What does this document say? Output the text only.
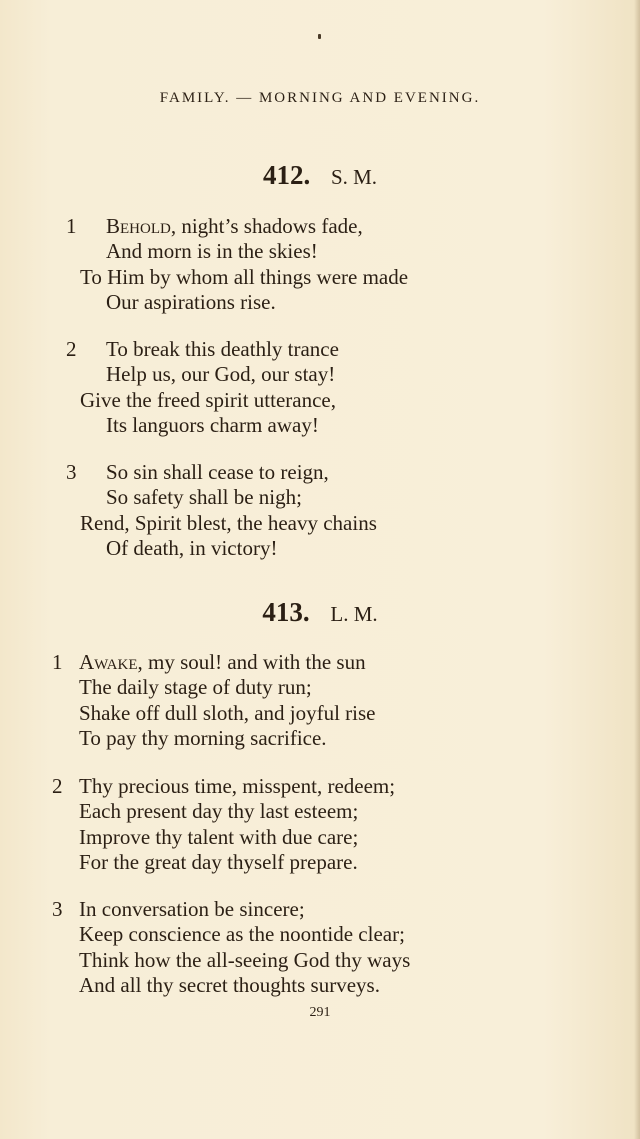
FAMILY. — MORNING AND EVENING.
412. S. M.
1 Behold, night’s shadows fade,
And morn is in the skies!
To Him by whom all things were made
Our aspirations rise.
2 To break this deathly trance
Help us, our God, our stay!
Give the freed spirit utterance,
Its languors charm away!
3 So sin shall cease to reign,
So safety shall be nigh;
Rend, Spirit blest, the heavy chains
Of death, in victory!
413. L. M.
1 Awake, my soul! and with the sun
The daily stage of duty run;
Shake off dull sloth, and joyful rise
To pay thy morning sacrifice.
2 Thy precious time, misspent, redeem;
Each present day thy last esteem;
Improve thy talent with due care;
For the great day thyself prepare.
3 In conversation be sincere;
Keep conscience as the noontide clear;
Think how the all-seeing God thy ways
And all thy secret thoughts surveys.
291
